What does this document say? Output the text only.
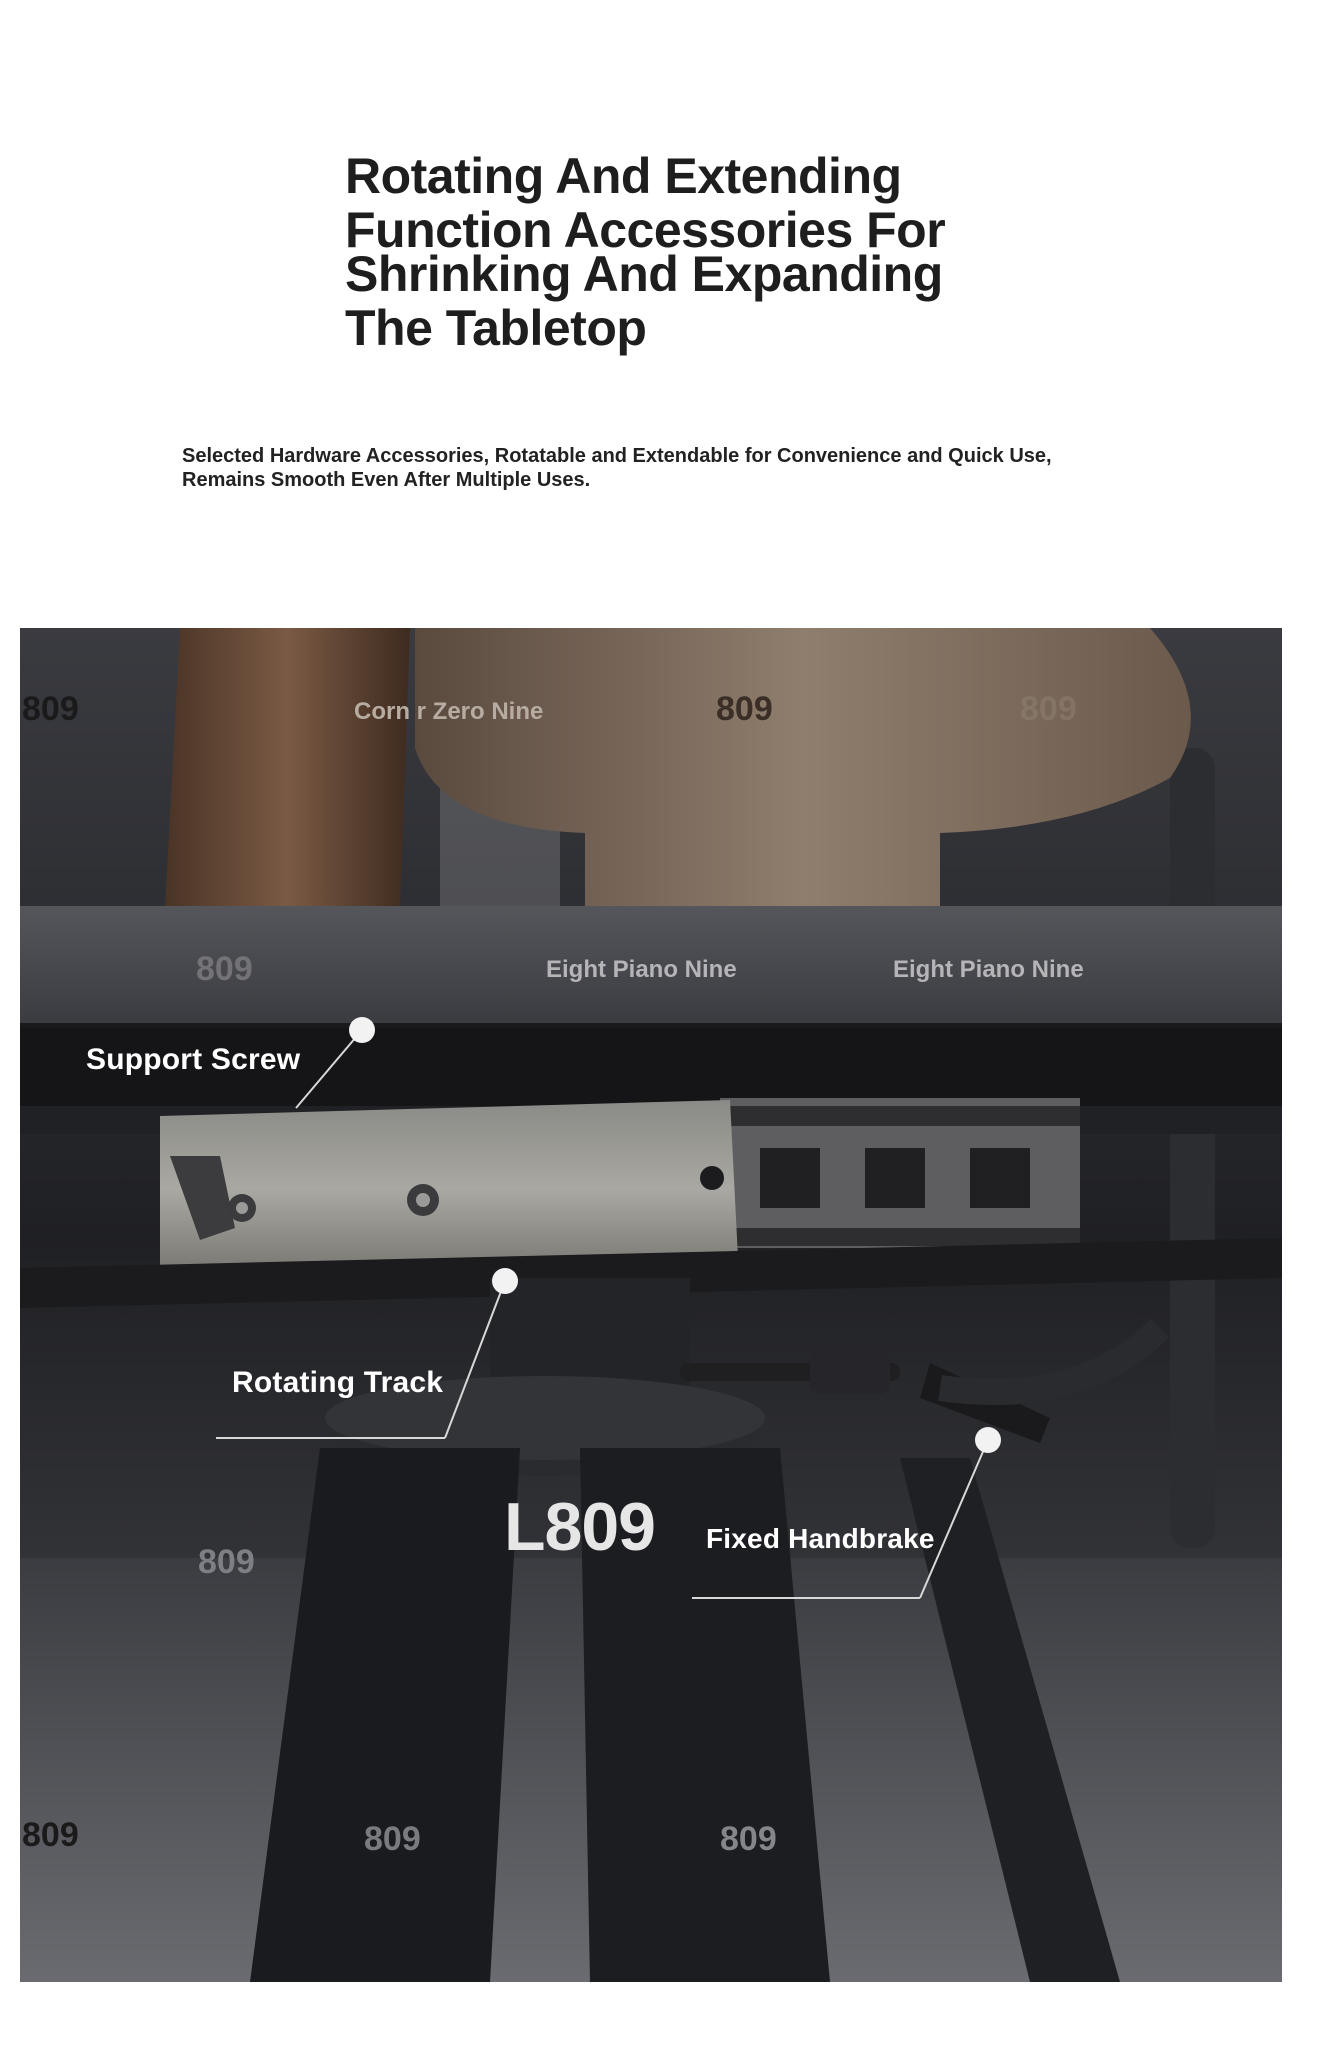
Rotating And Extending
Function Accessories For
Shrinking And Expanding
The Tabletop

Selected Hardware Accessories, Rotatable and Extendable for Convenience and Quick Use,
Remains Smooth Even After Multiple Uses.

809	Corn r Zero Nine	809	809
809	Eight Piano Nine	Eight Piano Nine
809
809	809	809
Support Screw
Rotating Track
Fixed Handbrake
L809
